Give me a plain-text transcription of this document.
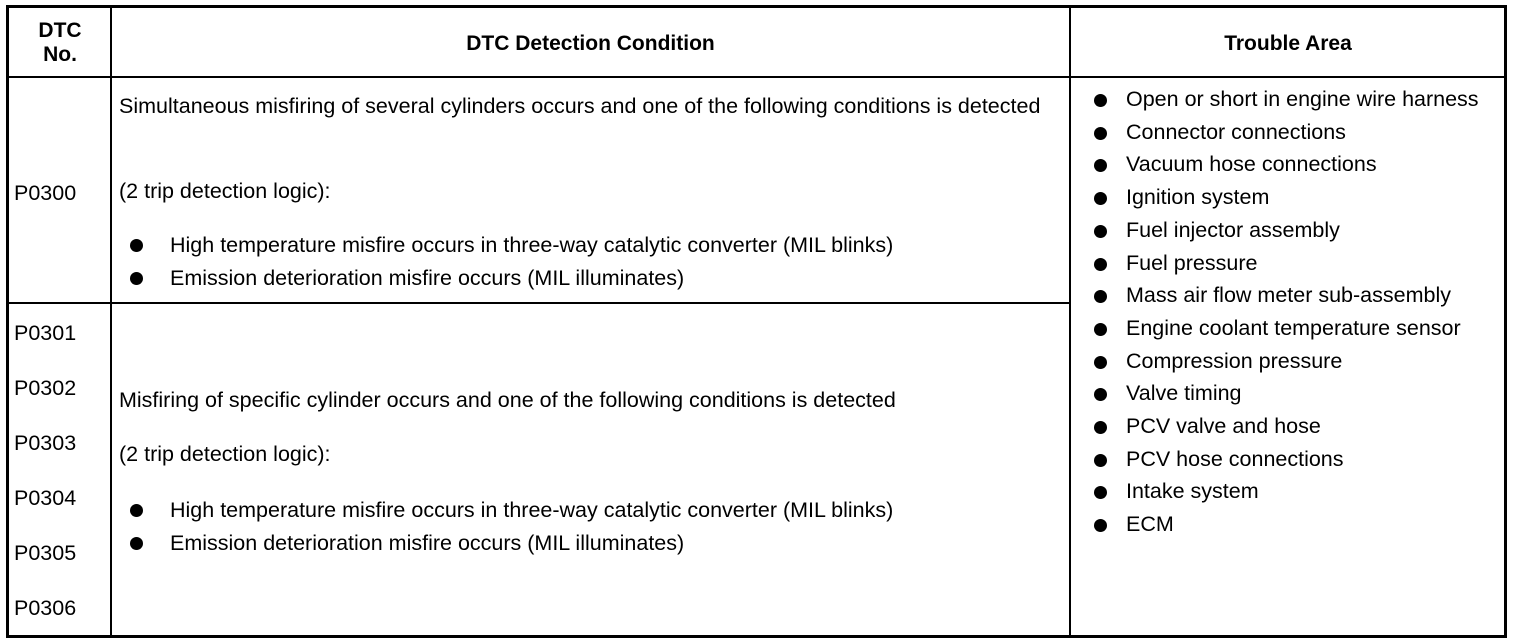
DTC No.	DTC Detection Condition	Trouble Area
P0300
Simultaneous misfiring of several cylinders occurs and one of the following conditions is detected
(2 trip detection logic):
High temperature misfire occurs in three-way catalytic converter (MIL blinks)
Emission deterioration misfire occurs (MIL illuminates)
P0301
P0302
P0303
P0304
P0305
P0306
Misfiring of specific cylinder occurs and one of the following conditions is detected
(2 trip detection logic):
High temperature misfire occurs in three-way catalytic converter (MIL blinks)
Emission deterioration misfire occurs (MIL illuminates)
Open or short in engine wire harness
Connector connections
Vacuum hose connections
Ignition system
Fuel injector assembly
Fuel pressure
Mass air flow meter sub-assembly
Engine coolant temperature sensor
Compression pressure
Valve timing
PCV valve and hose
PCV hose connections
Intake system
ECM
